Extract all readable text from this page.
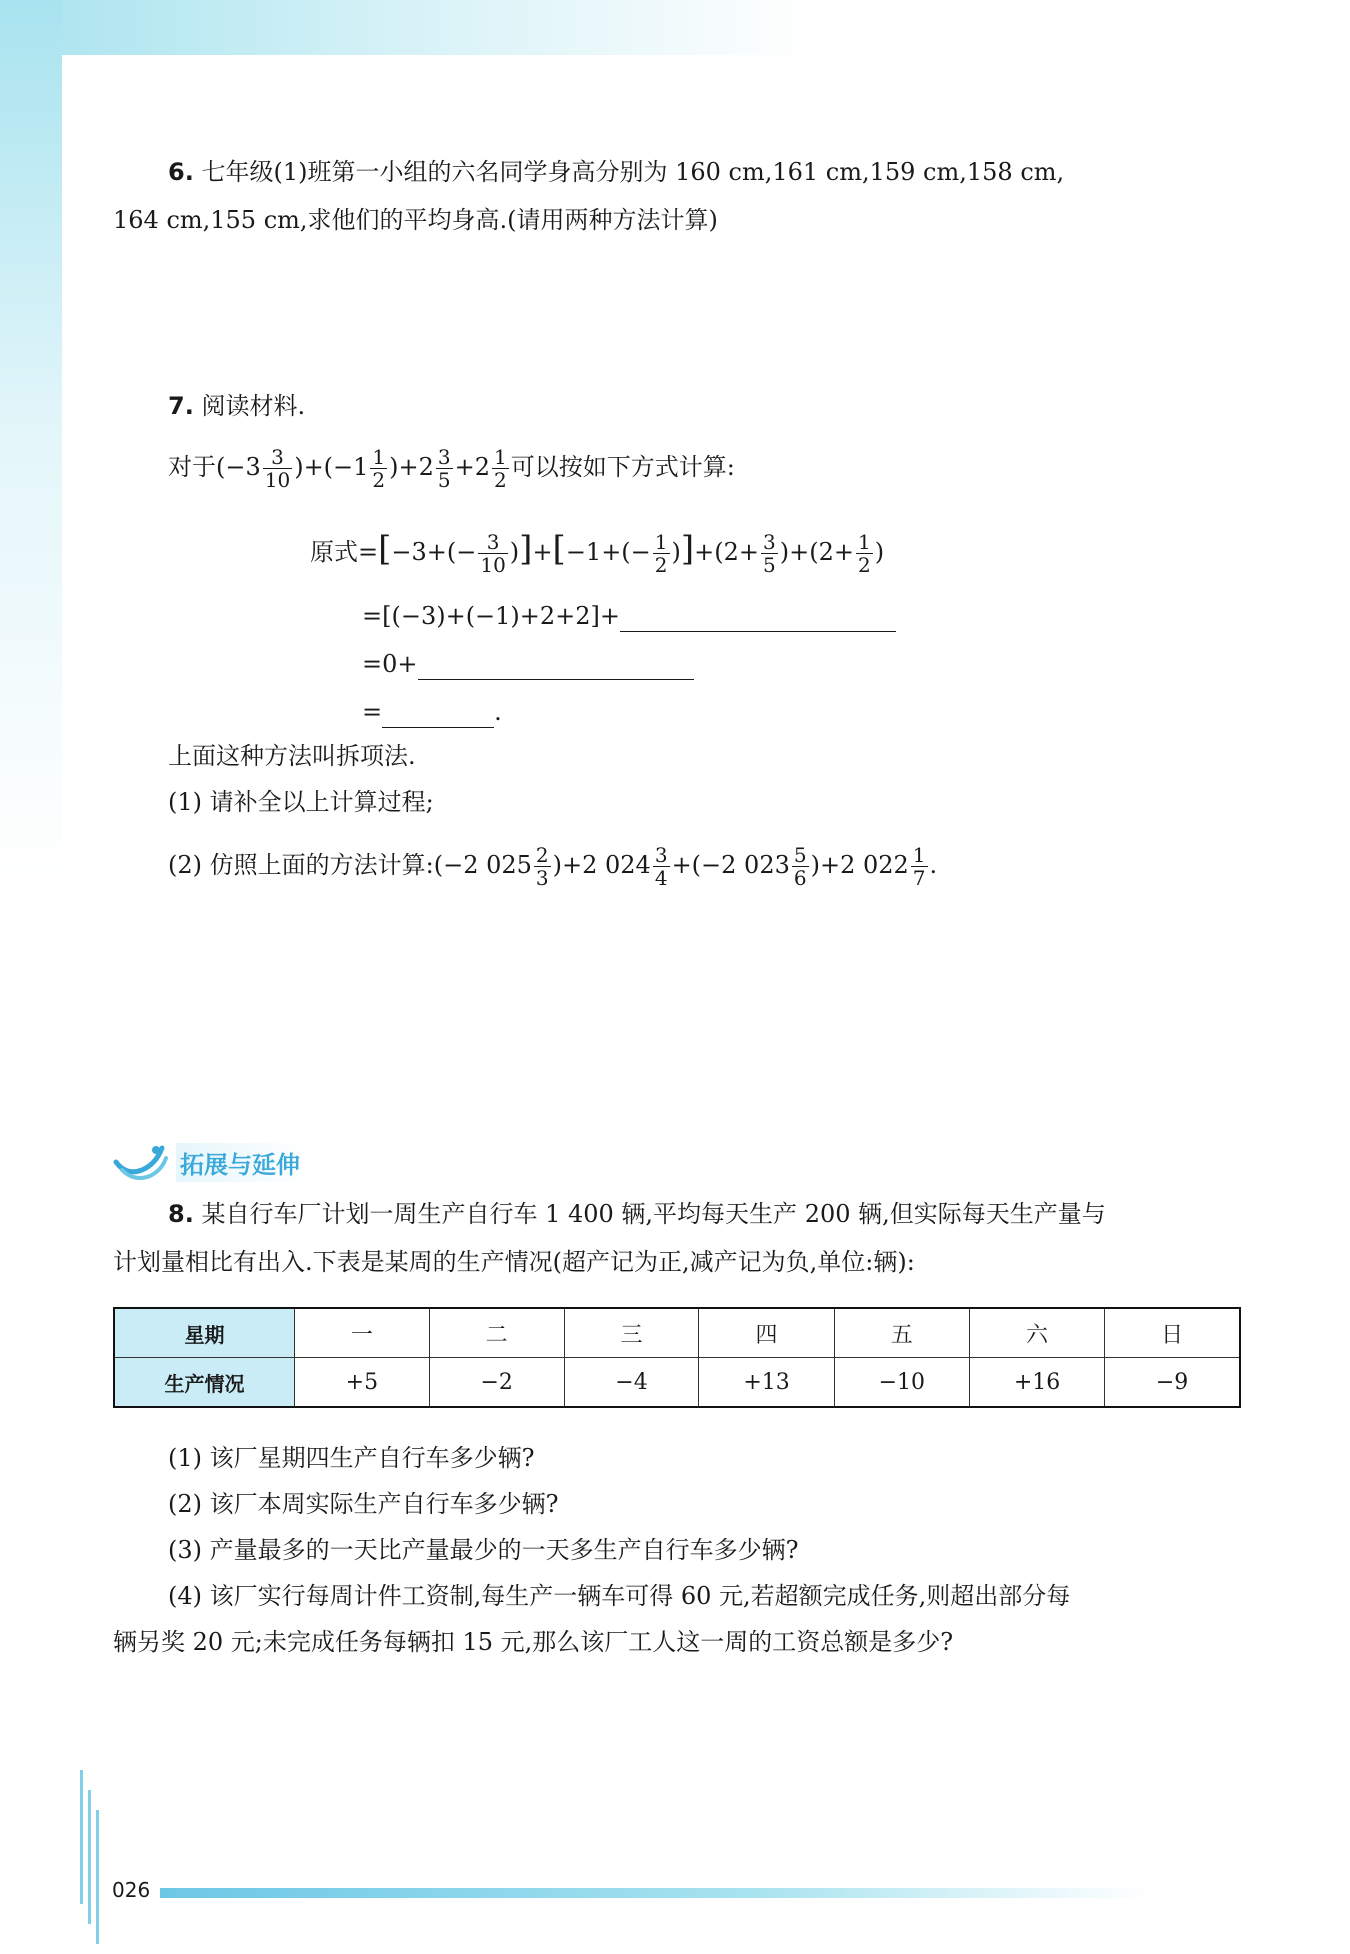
6. 七年级(1)班第一小组的六名同学身高分别为 160 cm,161 cm,159 cm,158 cm,
164 cm,155 cm,求他们的平均身高.(请用两种方法计算)
7. 阅读材料.
对于$(-3 \frac{3}{10} )+(-1 \frac{1}{2} )+2 \frac{3}{5} +2 \frac{1}{2}$ 可以按如下方式计算:
原式$=[-3+(- \frac{3}{10} )]+[-1+(- \frac{1}{2} )]+(2+ \frac{3}{5} )+(2+ \frac{1}{2}$ )
=[(−3)+(−1)+2+2]+
=0+
=	.
上面这种方法叫拆项法.
(1) 请补全以上计算过程;
(2) 仿照上面的方法计算:(−2 $025 \frac{2}{3} )+2$ $024 \frac{3}{4} +(-2$ $023 \frac{5}{6} )+2$ $022 \frac{1}{7}$ .
拓展与延伸
8. 某自行车厂计划一周生产自行车 1 400 辆,平均每天生产 200 辆,但实际每天生产量与
计划量相比有出入.下表是某周的生产情况(超产记为正,减产记为负,单位:辆):
星期	一	二	三	四	五	六	日
生产情况	+5	−2	−4	+13	−10	+16	−9
(1) 该厂星期四生产自行车多少辆?
(2) 该厂本周实际生产自行车多少辆?
(3) 产量最多的一天比产量最少的一天多生产自行车多少辆?
(4) 该厂实行每周计件工资制,每生产一辆车可得 60 元,若超额完成任务,则超出部分每
辆另奖 20 元;未完成任务每辆扣 15 元,那么该厂工人这一周的工资总额是多少?
026
